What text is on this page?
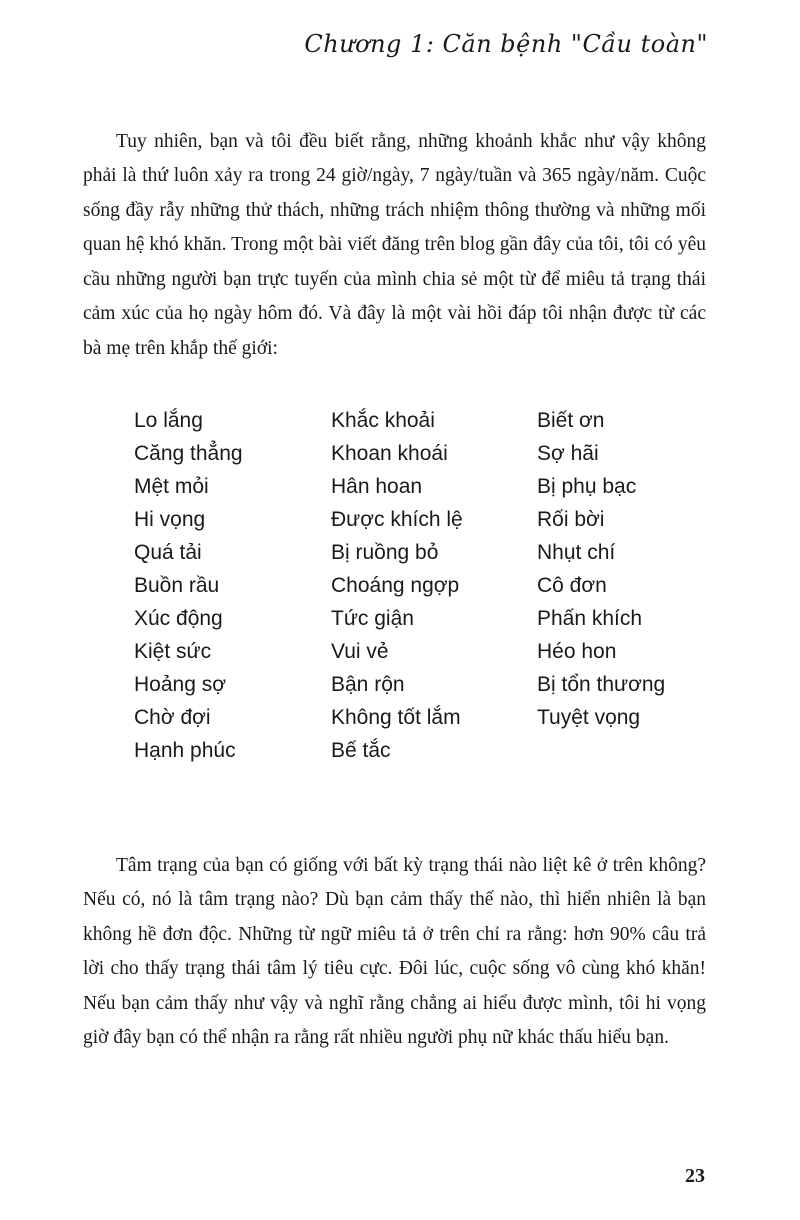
Chương 1: Căn bệnh "Cầu toàn"

Tuy nhiên, bạn và tôi đều biết rằng, những khoảnh khắc như vậy không phải là thứ luôn xảy ra trong 24 giờ/ngày, 7 ngày/tuần và 365 ngày/năm. Cuộc sống đầy rẫy những thử thách, những trách nhiệm thông thường và những mối quan hệ khó khăn. Trong một bài viết đăng trên blog gần đây của tôi, tôi có yêu cầu những người bạn trực tuyến của mình chia sẻ một từ để miêu tả trạng thái cảm xúc của họ ngày hôm đó. Và đây là một vài hồi đáp tôi nhận được từ các bà mẹ trên khắp thế giới:

Lo lắng
Căng thẳng
Mệt mỏi
Hi vọng
Quá tải
Buồn rầu
Xúc động
Kiệt sức
Hoảng sợ
Chờ đợi
Hạnh phúc
Khắc khoải
Khoan khoái
Hân hoan
Được khích lệ
Bị ruồng bỏ
Choáng ngợp
Tức giận
Vui vẻ
Bận rộn
Không tốt lắm
Bế tắc
Biết ơn
Sợ hãi
Bị phụ bạc
Rối bời
Nhụt chí
Cô đơn
Phấn khích
Héo hon
Bị tổn thương
Tuyệt vọng

Tâm trạng của bạn có giống với bất kỳ trạng thái nào liệt kê ở trên không? Nếu có, nó là tâm trạng nào? Dù bạn cảm thấy thế nào, thì hiển nhiên là bạn không hề đơn độc. Những từ ngữ miêu tả ở trên chỉ ra rằng: hơn 90% câu trả lời cho thấy trạng thái tâm lý tiêu cực. Đôi lúc, cuộc sống vô cùng khó khăn! Nếu bạn cảm thấy như vậy và nghĩ rằng chẳng ai hiểu được mình, tôi hi vọng giờ đây bạn có thể nhận ra rằng rất nhiều người phụ nữ khác thấu hiểu bạn.

23
